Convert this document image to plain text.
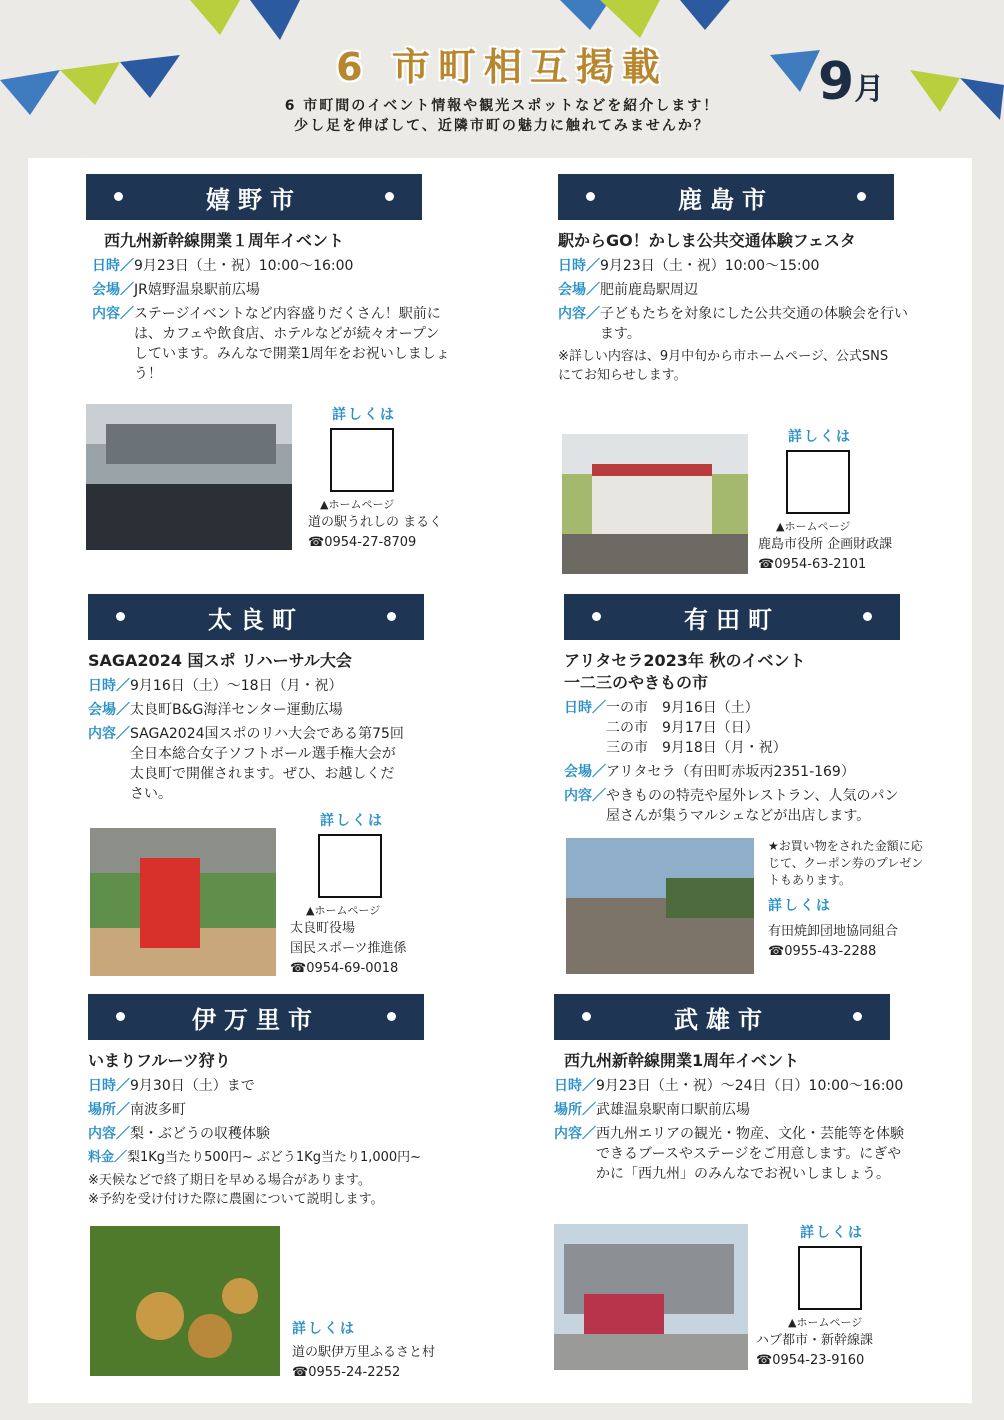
6 市町相互掲載
6 市町間のイベント情報や観光スポットなどを紹介します！
少し足を伸ばして、近隣市町の魅力に触れてみませんか？
9月
嬉野市
西九州新幹線開業１周年イベント
日時／ 9月23日（土・祝）10:00～16:00
会場／ JR嬉野温泉駅前広場
内容／ ステージイベントなど内容盛りだくさん！駅前には、カフェや飲食店、ホテルなどが続々オープンしています。みんなで開業1周年をお祝いしましょう！
詳しくは
▲ホームページ
道の駅うれしの まるく
☎0954-27-8709
鹿島市
駅からGO！かしま公共交通体験フェスタ
日時／ 9月23日（土・祝）10:00～15:00
会場／ 肥前鹿島駅周辺
内容／ 子どもたちを対象にした公共交通の体験会を行います。
※詳しい内容は、9月中旬から市ホームページ、公式SNSにてお知らせします。
詳しくは
▲ホームページ
鹿島市役所 企画財政課
☎0954-63-2101
太良町
SAGA2024 国スポ リハーサル大会
日時／ 9月16日（土）～18日（月・祝）
会場／ 太良町B&G海洋センター運動広場
内容／ SAGA2024国スポのリハ大会である第75回全日本総合女子ソフトボール選手権大会が太良町で開催されます。ぜひ、お越しください。
詳しくは
▲ホームページ
太良町役場
国民スポーツ推進係
☎0954-69-0018
有田町
アリタセラ2023年 秋のイベント
一二三のやきもの市
日時／ 一の市　9月16日（土）
二の市　9月17日（日）
三の市　9月18日（月・祝）
会場／ アリタセラ（有田町赤坂丙2351-169）
内容／ やきものの特売や屋外レストラン、人気のパン屋さんが集うマルシェなどが出店します。
★お買い物をされた金額に応じて、クーポン券のプレゼントもあります。
詳しくは
有田焼卸団地協同組合
☎0955-43-2288
伊万里市
いまりフルーツ狩り
日時／ 9月30日（土）まで
場所／ 南波多町
内容／ 梨・ぶどうの収穫体験
料金／ 梨1Kg当たり500円~ ぶどう1Kg当たり1,000円~
※天候などで終了期日を早める場合があります。
※予約を受け付けた際に農園について説明します。
詳しくは
道の駅伊万里ふるさと村
☎0955-24-2252
武雄市
西九州新幹線開業1周年イベント
日時／ 9月23日（土・祝）～24日（日）10:00～16:00
場所／ 武雄温泉駅南口駅前広場
内容／ 西九州エリアの観光・物産、文化・芸能等を体験できるブースやステージをご用意します。にぎやかに「西九州」のみんなでお祝いしましょう。
詳しくは
▲ホームページ
ハブ都市・新幹線課
☎0954-23-9160
